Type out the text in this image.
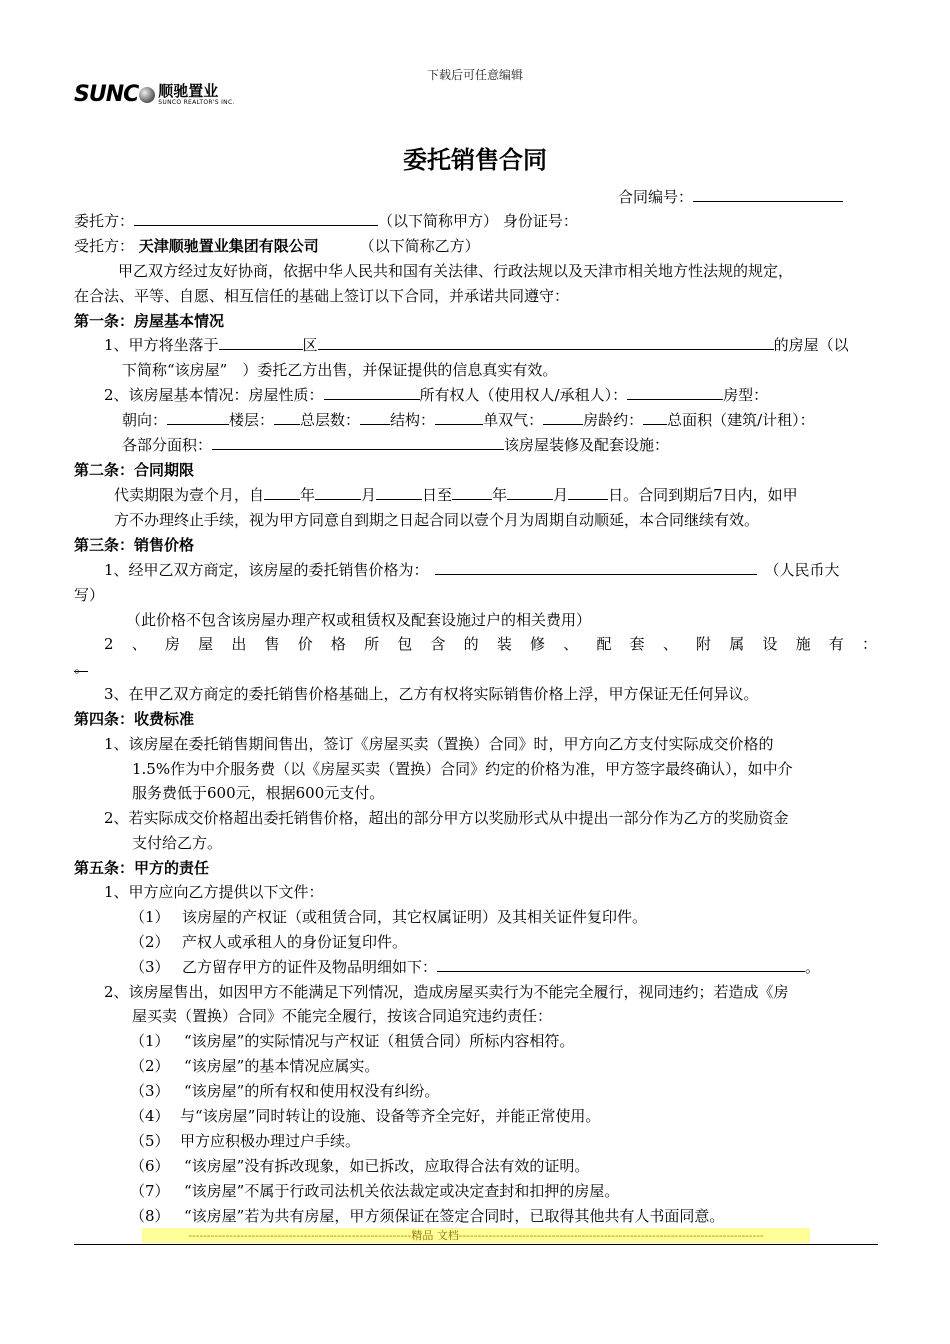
下载后可任意编辑
SUNC 顺驰置业
SUNCO REALTOR'S INC.
委托销售合同
合同编号：
委托方：	（以下简称甲方） 身份证号：
受托方： 天津顺驰置业集团有限公司	（以下简称乙方）
甲乙双方经过友好协商，依据中华人民共和国有关法律、行政法规以及天津市相关地方性法规的规定，
在合法、平等、自愿、相互信任的基础上签订以下合同，并承诺共同遵守：
第一条：房屋基本情况
1、甲方将坐落于	区	的房屋（以
下简称“该房屋”　）委托乙方出售，并保证提供的信息真实有效。
2、该房屋基本情况：房屋性质：	所有权人（使用权人/承租人）：	房型：
朝向：	楼层： 总层数： 结构：	单双气：	房龄约： 总面积（建筑/计租）：
各部分面积：	该房屋装修及配套设施：
第二条：合同期限
代卖期限为壹个月，自 年	月	日至	年	月	日。合同到期后7日内，如甲
方不办理终止手续，视为甲方同意自到期之日起合同以壹个月为周期自动顺延，本合同继续有效。
第三条：销售价格
1、经甲乙双方商定，该房屋的委托销售价格为：	（人民币大
写）
（此价格不包含该房屋办理产权或租赁权及配套设施过户的相关费用）
2、房屋出售价格所包含的装修、配套、附属设施有：
。
3、在甲乙双方商定的委托销售价格基础上，乙方有权将实际销售价格上浮，甲方保证无任何异议。
第四条：收费标准
1、该房屋在委托销售期间售出，签订《房屋买卖（置换）合同》时，甲方向乙方支付实际成交价格的
1.5%作为中介服务费（以《房屋买卖（置换）合同》约定的价格为准，甲方签字最终确认），如中介
服务费低于600元，根据600元支付。
2、若实际成交价格超出委托销售价格，超出的部分甲方以奖励形式从中提出一部分作为乙方的奖励资金
支付给乙方。
第五条：甲方的责任
1、甲方应向乙方提供以下文件：
（1） 该房屋的产权证（或租赁合同，其它权属证明）及其相关证件复印件。
（2） 产权人或承租人的身份证复印件。
（3） 乙方留存甲方的证件及物品明细如下：	。
2、该房屋售出，如因甲方不能满足下列情况，造成房屋买卖行为不能完全履行，视同违约；若造成《房
屋买卖（置换）合同》不能完全履行，按该合同追究违约责任：
（1） “该房屋”的实际情况与产权证（租赁合同）所标内容相符。
（2） “该房屋”的基本情况应属实。
（3） “该房屋”的所有权和使用权没有纠纷。
（4） 与“该房屋”同时转让的设施、设备等齐全完好，并能正常使用。
（5） 甲方应积极办理过户手续。
（6） “该房屋”没有拆改现象，如已拆改，应取得合法有效的证明。
（7） “该房屋”不属于行政司法机关依法裁定或决定查封和扣押的房屋。
（8） “该房屋”若为共有房屋，甲方须保证在签定合同时，已取得其他共有人书面同意。
------------------------------------------------------------精品 文档----------------------------------------------------------------------------------
